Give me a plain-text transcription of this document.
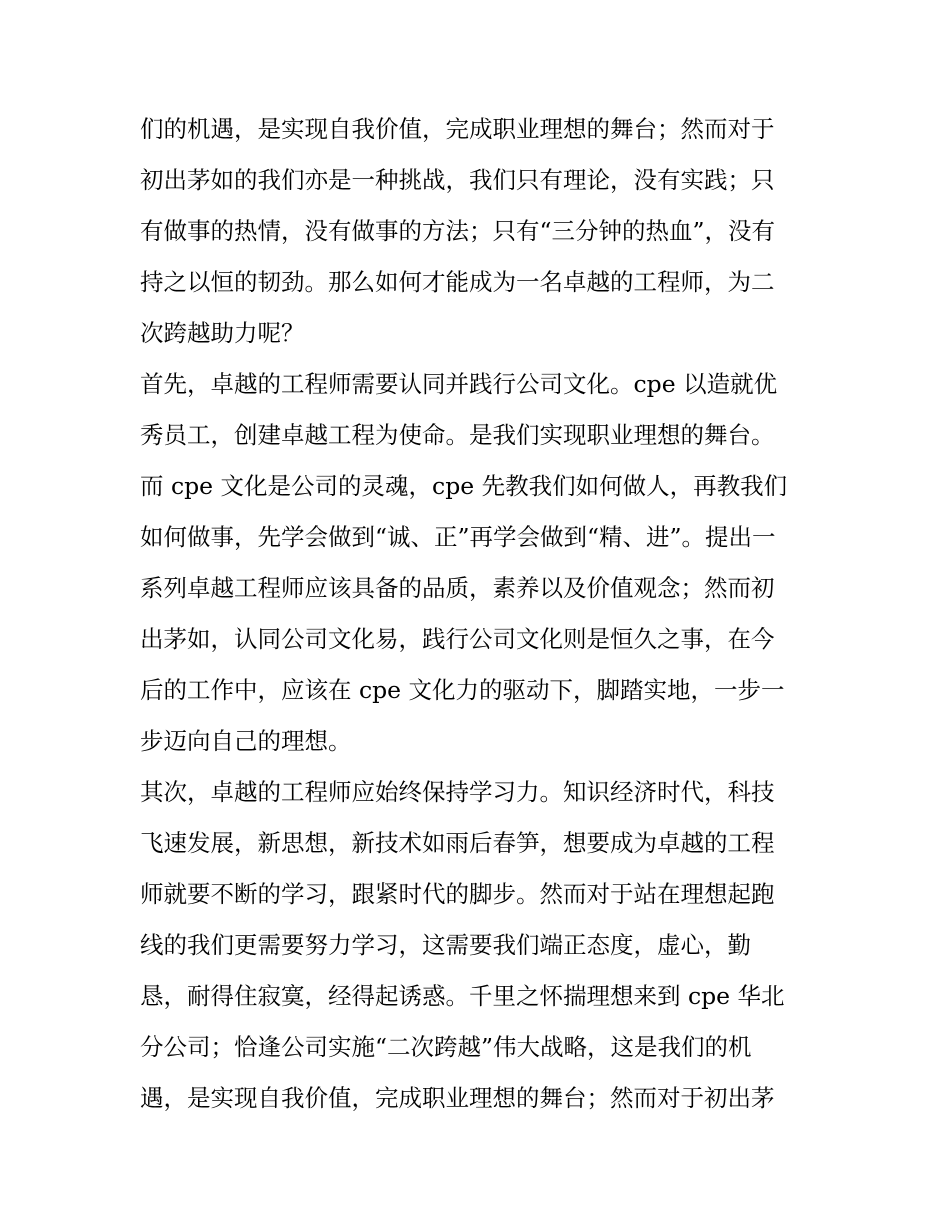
们的机遇，是实现自我价值，完成职业理想的舞台；然而对于
初出茅如的我们亦是一种挑战，我们只有理论，没有实践；只
有做事的热情，没有做事的方法；只有“三分钟的热血”，没有
持之以恒的韧劲。那么如何才能成为一名卓越的工程师，为二
次跨越助力呢？
首先，卓越的工程师需要认同并践行公司文化。cpe 以造就优
秀员工，创建卓越工程为使命。是我们实现职业理想的舞台。
而 cpe 文化是公司的灵魂，cpe 先教我们如何做人，再教我们
如何做事，先学会做到“诚、正”再学会做到“精、进”。提出一
系列卓越工程师应该具备的品质，素养以及价值观念；然而初
出茅如，认同公司文化易，践行公司文化则是恒久之事，在今
后的工作中，应该在 cpe 文化力的驱动下，脚踏实地，一步一
步迈向自己的理想。
其次，卓越的工程师应始终保持学习力。知识经济时代，科技
飞速发展，新思想，新技术如雨后春笋，想要成为卓越的工程
师就要不断的学习，跟紧时代的脚步。然而对于站在理想起跑
线的我们更需要努力学习，这需要我们端正态度，虚心，勤
恳，耐得住寂寞，经得起诱惑。千里之怀揣理想来到 cpe 华北
分公司；恰逢公司实施“二次跨越”伟大战略，这是我们的机
遇，是实现自我价值，完成职业理想的舞台；然而对于初出茅
